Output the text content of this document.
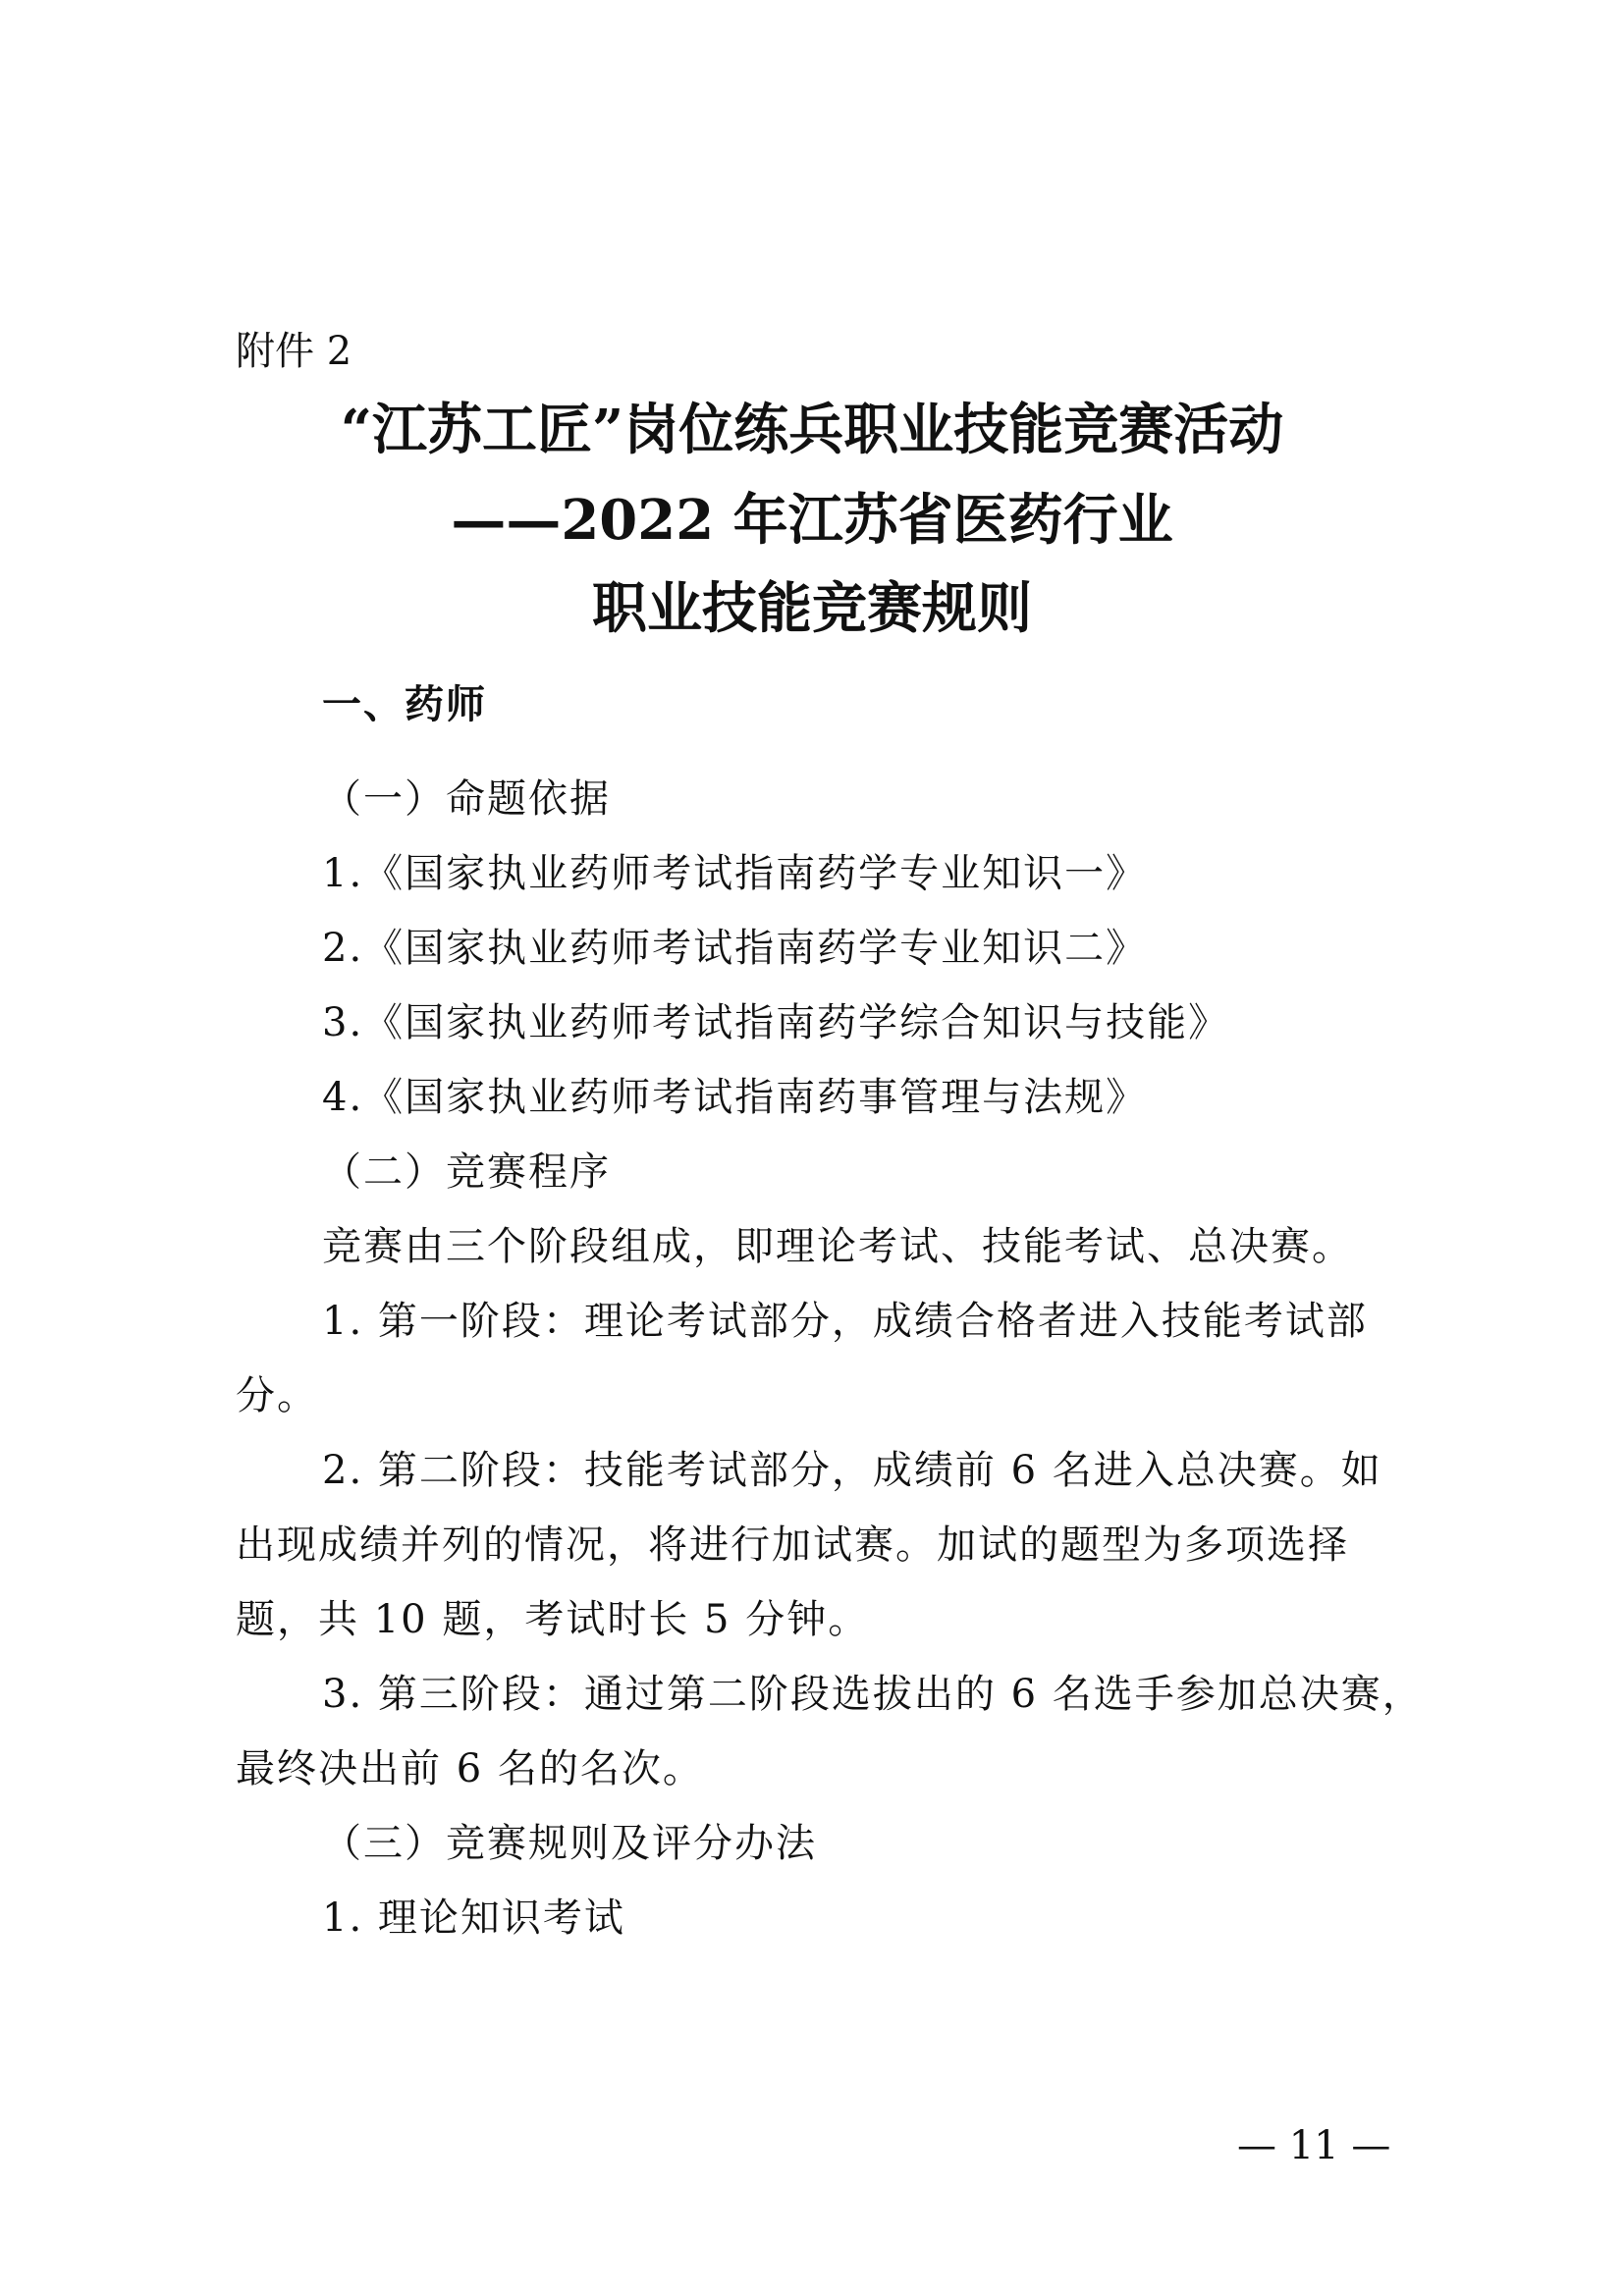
附件 2
“江苏工匠”岗位练兵职业技能竞赛活动
——2022 年江苏省医药行业
职业技能竞赛规则
一、药师
（一）命题依据
1.《国家执业药师考试指南药学专业知识一》
2.《国家执业药师考试指南药学专业知识二》
3.《国家执业药师考试指南药学综合知识与技能》
4.《国家执业药师考试指南药事管理与法规》
（二）竞赛程序
竞赛由三个阶段组成，即理论考试、技能考试、总决赛。
1. 第一阶段：理论考试部分，成绩合格者进入技能考试部
分。
2. 第二阶段：技能考试部分，成绩前 6 名进入总决赛。如
出现成绩并列的情况，将进行加试赛。加试的题型为多项选择
题，共 10 题，考试时长 5 分钟。
3. 第三阶段：通过第二阶段选拔出的 6 名选手参加总决赛，
最终决出前 6 名的名次。
（三）竞赛规则及评分办法
1. 理论知识考试
— 11 —
